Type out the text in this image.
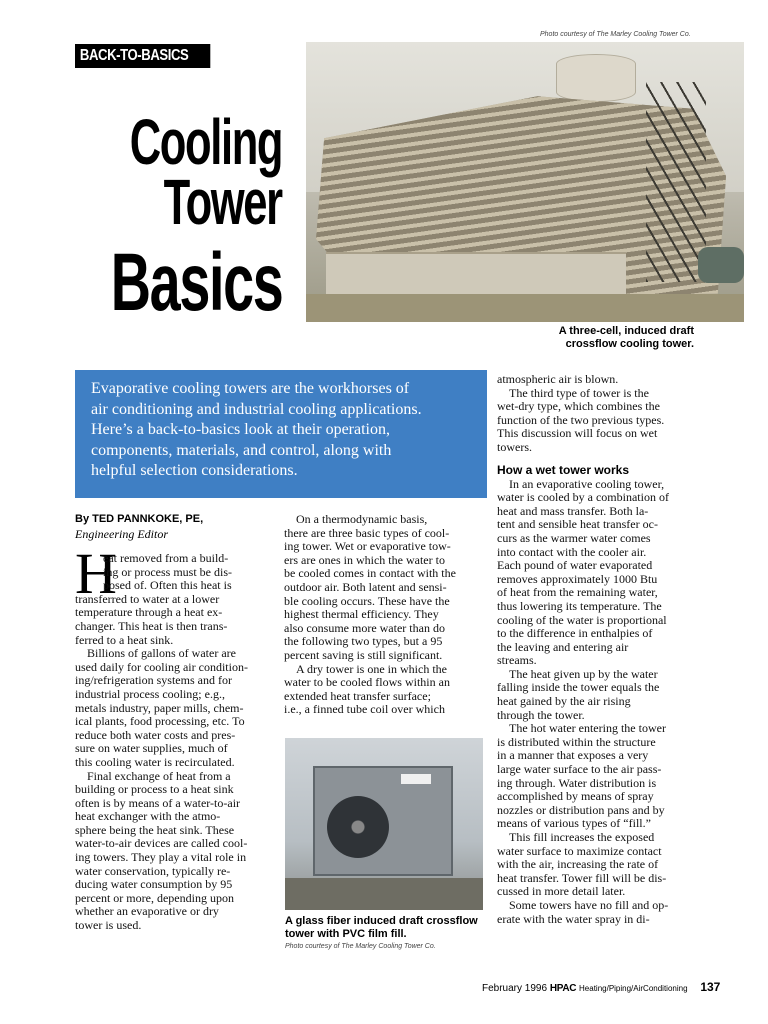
Photo courtesy of The Marley Cooling Tower Co.
BACK-TO-BASICS
Cooling
Tower
Basics
A three-cell, induced draft
crossflow cooling tower.
Evaporative cooling towers are the workhorses of
air conditioning and industrial cooling applications.
Here’s a back-to-basics look at their operation,
components, materials, and control, along with
helpful selection considerations.
By TED PANNKOKE, PE,
Engineering Editor
H

eat removed from a build-

ing or process must be dis-

posed of. Often this heat is

transferred to water at a lower

temperature through a heat ex-

changer. This heat is then trans-

ferred to a heat sink.

Billions of gallons of water are

used daily for cooling air condition-

ing/refrigeration systems and for

industrial process cooling; e.g.,

metals industry, paper mills, chem-

ical plants, food processing, etc. To

reduce both water costs and pres-

sure on water supplies, much of

this cooling water is recirculated.

Final exchange of heat from a

building or process to a heat sink

often is by means of a water-to-air

heat exchanger with the atmo-

sphere being the heat sink. These

water-to-air devices are called cool-

ing towers. They play a vital role in

water conservation, typically re-

ducing water consumption by 95

percent or more, depending upon

whether an evaporative or dry

tower is used.

On a thermodynamic basis,

there are three basic types of cool-

ing tower. Wet or evaporative tow-

ers are ones in which the water to

be cooled comes in contact with the

outdoor air. Both latent and sensi-

ble cooling occurs. These have the

highest thermal efficiency. They

also consume more water than do

the following two types, but a 95

percent saving is still significant.

A dry tower is one in which the

water to be cooled flows within an

extended heat transfer surface;

i.e., a finned tube coil over which

A glass fiber induced draft crossflow
tower with PVC film fill.
Photo courtesy of The Marley Cooling Tower Co.

atmospheric air is blown.

The third type of tower is the

wet-dry type, which combines the

function of the two previous types.

This discussion will focus on wet

towers.

How a wet tower works

In an evaporative cooling tower,

water is cooled by a combination of

heat and mass transfer. Both la-

tent and sensible heat transfer oc-

curs as the warmer water comes

into contact with the cooler air.

Each pound of water evaporated

removes approximately 1000 Btu

of heat from the remaining water,

thus lowering its temperature. The

cooling of the water is proportional

to the difference in enthalpies of

the leaving and entering air

streams.

The heat given up by the water

falling inside the tower equals the

heat gained by the air rising

through the tower.

The hot water entering the tower

is distributed within the structure

in a manner that exposes a very

large water surface to the air pass-

ing through. Water distribution is

accomplished by means of spray

nozzles or distribution pans and by

means of various types of “fill.”

This fill increases the exposed

water surface to maximize contact

with the air, increasing the rate of

heat transfer. Tower fill will be dis-

cussed in more detail later.

Some towers have no fill and op-

erate with the water spray in di-

February 1996 HPAC Heating/Piping/AirConditioning 137
